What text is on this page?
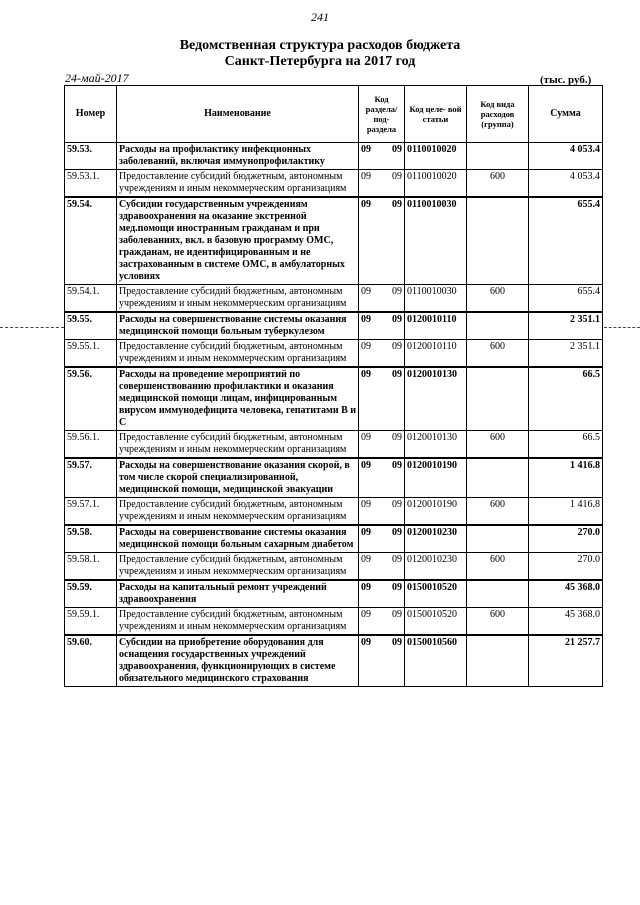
241
Ведомственная структура расходов бюджета
Санкт-Петербурга на 2017 год
24-май-2017	(тыс. руб.)
Номер	Наименование	Код раздела/ под- раздела	Код целе- вой статьи	Код вида расходов (группа)	Сумма
59.53.	Расходы на профилактику инфекционных заболеваний, включая иммунопрофилактику	09 09	0110010020		4 053.4
59.53.1.	Предоставление субсидий бюджетным, автономным учреждениям и иным некоммерческим организациям	09 09	0110010020	600	4 053.4
59.54.	Субсидии государственным учреждениям здравоохранения на оказание экстренной мед.помощи иностранным гражданам и при заболеваниях, вкл. в базовую программу ОМС, гражданам, не идентифицированным и не застрахованным в системе ОМС, в амбулаторных условиях	09 09	0110010030		655.4
59.54.1.	Предоставление субсидий бюджетным, автономным учреждениям и иным некоммерческим организациям	09 09	0110010030	600	655.4
59.55.	Расходы на совершенствование системы оказания медицинской помощи больным туберкулезом	09 09	0120010110		2 351.1
59.55.1.	Предоставление субсидий бюджетным, автономным учреждениям и иным некоммерческим организациям	09 09	0120010110	600	2 351.1
59.56.	Расходы на проведение мероприятий по совершенствованию профилактики и оказания медицинской помощи лицам, инфицированным вирусом иммунодефицита человека, гепатитами В и С	09 09	0120010130		66.5
59.56.1.	Предоставление субсидий бюджетным, автономным учреждениям и иным некоммерческим организациям	09 09	0120010130	600	66.5
59.57.	Расходы на совершенствование оказания скорой, в том числе скорой специализированной, медицинской помощи, медицинской эвакуации	09 09	0120010190		1 416.8
59.57.1.	Предоставление субсидий бюджетным, автономным учреждениям и иным некоммерческим организациям	09 09	0120010190	600	1 416.8
59.58.	Расходы на совершенствование системы оказания медицинской помощи больным сахарным диабетом	09 09	0120010230		270.0
59.58.1.	Предоставление субсидий бюджетным, автономным учреждениям и иным некоммерческим организациям	09 09	0120010230	600	270.0
59.59.	Расходы на капитальный ремонт учреждений здравоохранения	09 09	0150010520		45 368.0
59.59.1.	Предоставление субсидий бюджетным, автономным учреждениям и иным некоммерческим организациям	09 09	0150010520	600	45 368.0
59.60.	Субсидии на приобретение оборудования для оснащения государственных учреждений здравоохранения, функционирующих в системе обязательного медицинского страхования	09 09	0150010560		21 257.7
